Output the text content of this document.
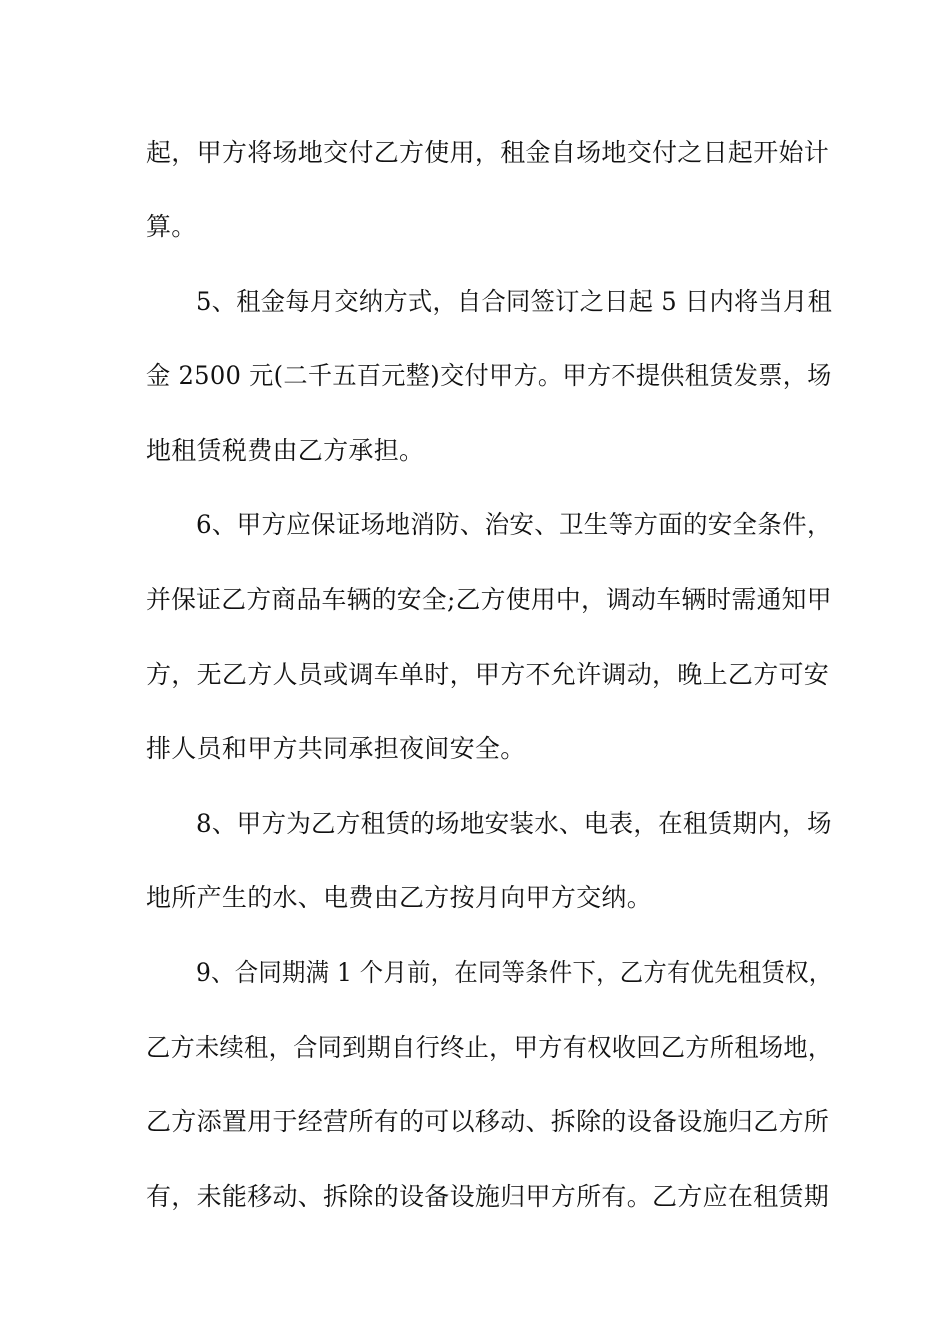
起，甲方将场地交付乙方使用，租金自场地交付之日起开始计
算。
5、租金每月交纳方式，自合同签订之日起 5 日内将当月租
金 2500 元(二千五百元整)交付甲方。甲方不提供租赁发票，场
地租赁税费由乙方承担。
6、甲方应保证场地消防、治安、卫生等方面的安全条件，
并保证乙方商品车辆的安全;乙方使用中，调动车辆时需通知甲
方，无乙方人员或调车单时，甲方不允许调动，晚上乙方可安
排人员和甲方共同承担夜间安全。
8、甲方为乙方租赁的场地安装水、电表，在租赁期内，场
地所产生的水、电费由乙方按月向甲方交纳。
9、合同期满 1 个月前，在同等条件下，乙方有优先租赁权，
乙方未续租，合同到期自行终止，甲方有权收回乙方所租场地，
乙方添置用于经营所有的可以移动、拆除的设备设施归乙方所
有，未能移动、拆除的设备设施归甲方所有。乙方应在租赁期
